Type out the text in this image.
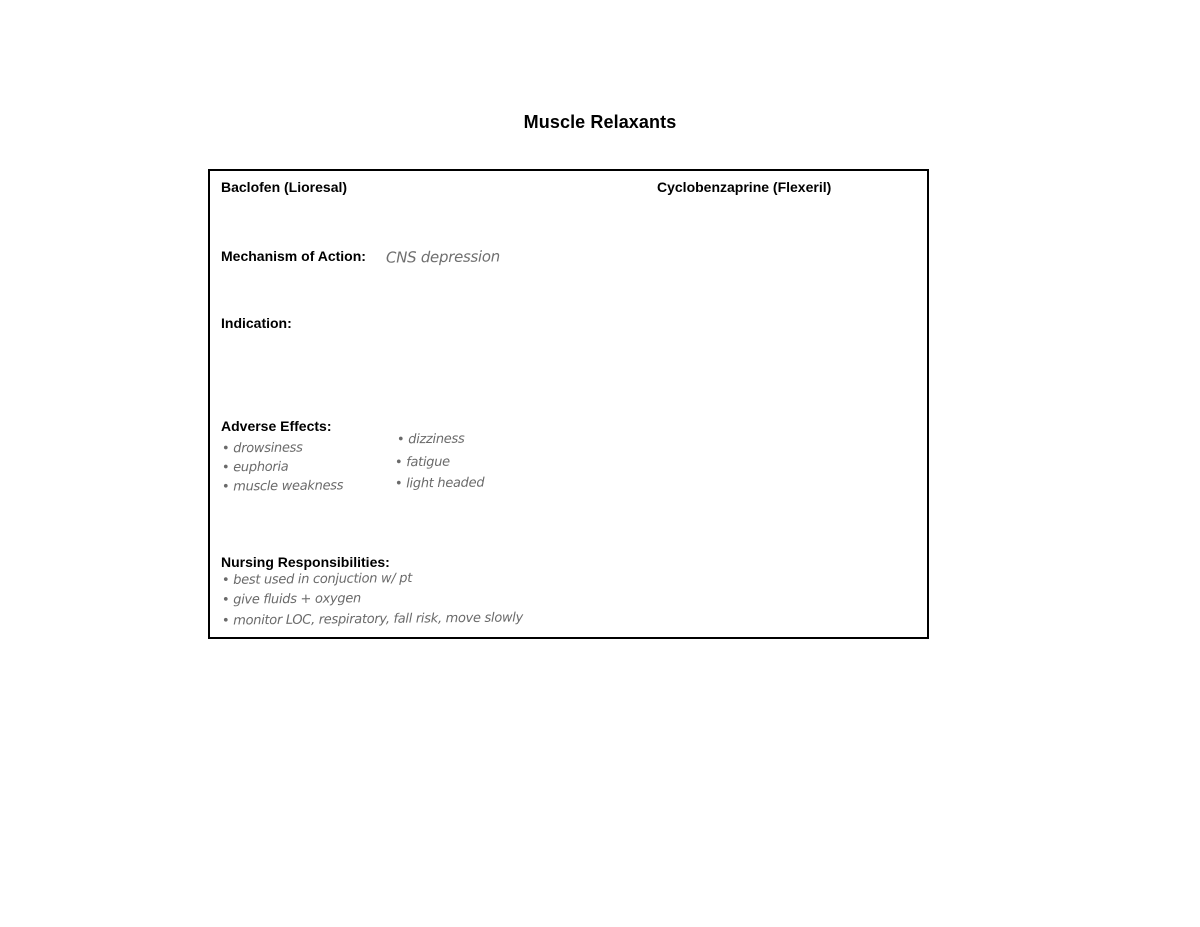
Muscle Relaxants
Baclofen (Lioresal)	Cyclobenzaprine (Flexeril)
Mechanism of Action: CNS depression
Indication:
Adverse Effects:
• drowsiness
• euphoria
• muscle weakness
• dizziness
• fatigue
• light headed
Nursing Responsibilities:
• best used in conjuction w/ pt
• give fluids + oxygen
• monitor LOC, respiratory, fall risk, move slowly
